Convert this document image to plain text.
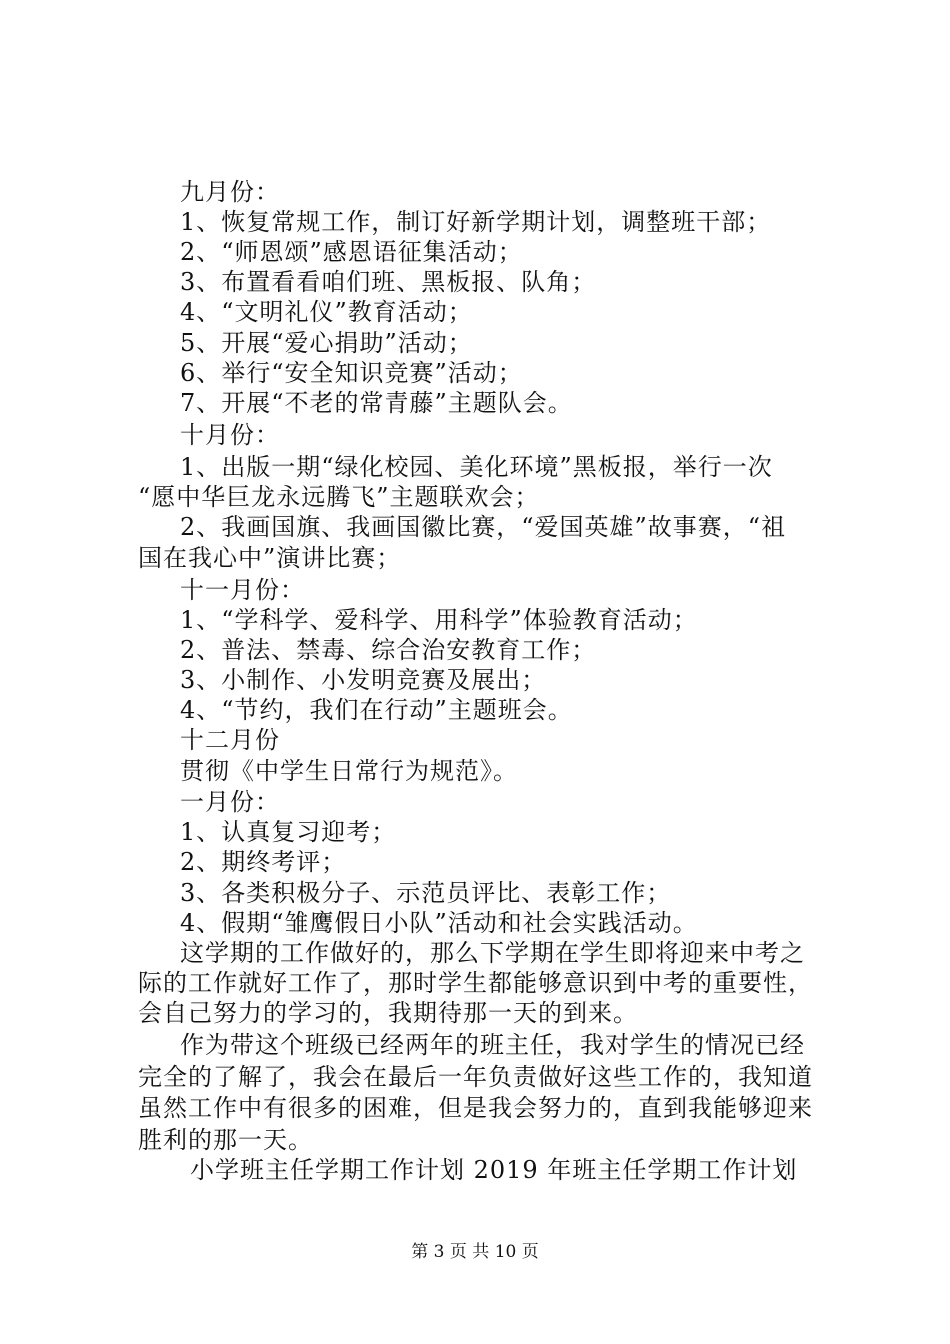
九月份：
1、恢复常规工作，制订好新学期计划，调整班干部；
2、“师恩颂”感恩语征集活动；
3、布置看看咱们班、黑板报、队角；
4、“文明礼仪”教育活动；
5、开展“爱心捐助”活动；
6、举行“安全知识竞赛”活动；
7、开展“不老的常青藤”主题队会。
十月份：
1、出版一期“绿化校园、美化环境”黑板报，举行一次
“愿中华巨龙永远腾飞”主题联欢会；
2、我画国旗、我画国徽比赛，“爱国英雄”故事赛，“祖
国在我心中”演讲比赛；
十一月份：
1、“学科学、爱科学、用科学”体验教育活动；
2、普法、禁毒、综合治安教育工作；
3、小制作、小发明竞赛及展出；
4、“节约，我们在行动”主题班会。
十二月份
贯彻《中学生日常行为规范》。
一月份：
1、认真复习迎考；
2、期终考评；
3、各类积极分子、示范员评比、表彰工作；
4、假期“雏鹰假日小队”活动和社会实践活动。
这学期的工作做好的，那么下学期在学生即将迎来中考之
际的工作就好工作了，那时学生都能够意识到中考的重要性，
会自己努力的学习的，我期待那一天的到来。
作为带这个班级已经两年的班主任，我对学生的情况已经
完全的了解了，我会在最后一年负责做好这些工作的，我知道
虽然工作中有很多的困难，但是我会努力的，直到我能够迎来
胜利的那一天。
小学班主任学期工作计划 2019 年班主任学期工作计划
第 3 页 共 10 页
